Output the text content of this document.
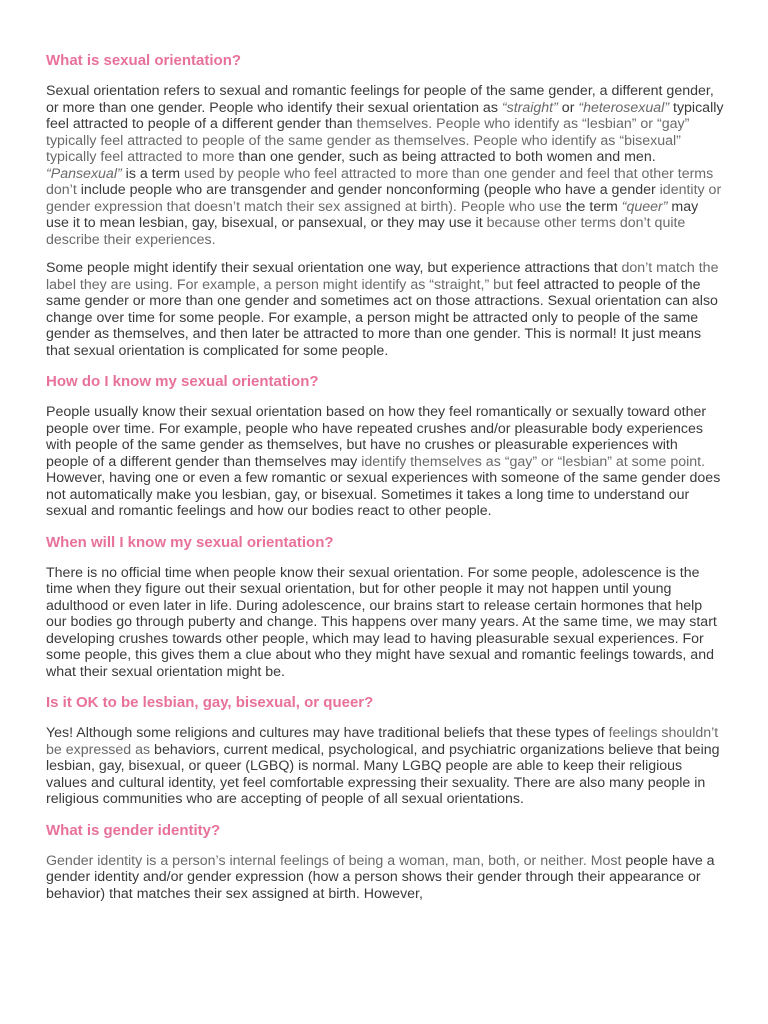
What is sexual orientation?

Sexual orientation refers to sexual and romantic feelings for people of the same gender, a different gender, or more than one gender. People who identify their sexual orientation as “straight” or “heterosexual” typically feel attracted to people of a different gender than themselves. People who identify as “lesbian” or “gay” typically feel attracted to people of the same gender as themselves. People who identify as “bisexual” typically feel attracted to more than one gender, such as being attracted to both women and men. “Pansexual” is a term used by people who feel attracted to more than one gender and feel that other terms don’t include people who are transgender and gender nonconforming (people who have a gender identity or gender expression that doesn’t match their sex assigned at birth). People who use the term “queer” may use it to mean lesbian, gay, bisexual, or pansexual, or they may use it because other terms don’t quite describe their experiences.

Some people might identify their sexual orientation one way, but experience attractions that don’t match the label they are using. For example, a person might identify as “straight,” but feel attracted to people of the same gender or more than one gender and sometimes act on those attractions. Sexual orientation can also change over time for some people. For example, a person might be attracted only to people of the same gender as themselves, and then later be attracted to more than one gender. This is normal! It just means that sexual orientation is complicated for some people.

How do I know my sexual orientation?

People usually know their sexual orientation based on how they feel romantically or sexually toward other people over time. For example, people who have repeated crushes and/or pleasurable body experiences with people of the same gender as themselves, but have no crushes or pleasurable experiences with people of a different gender than themselves may identify themselves as “gay” or “lesbian” at some point. However, having one or even a few romantic or sexual experiences with someone of the same gender does not automatically make you lesbian, gay, or bisexual. Sometimes it takes a long time to understand our sexual and romantic feelings and how our bodies react to other people.

When will I know my sexual orientation?

There is no official time when people know their sexual orientation. For some people, adolescence is the time when they figure out their sexual orientation, but for other people it may not happen until young adulthood or even later in life. During adolescence, our brains start to release certain hormones that help our bodies go through puberty and change. This happens over many years. At the same time, we may start developing crushes towards other people, which may lead to having pleasurable sexual experiences. For some people, this gives them a clue about who they might have sexual and romantic feelings towards, and what their sexual orientation might be.

Is it OK to be lesbian, gay, bisexual, or queer?

Yes! Although some religions and cultures may have traditional beliefs that these types of feelings shouldn’t be expressed as behaviors, current medical, psychological, and psychiatric organizations believe that being lesbian, gay, bisexual, or queer (LGBQ) is normal. Many LGBQ people are able to keep their religious values and cultural identity, yet feel comfortable expressing their sexuality. There are also many people in religious communities who are accepting of people of all sexual orientations.

What is gender identity?

Gender identity is a person’s internal feelings of being a woman, man, both, or neither. Most people have a gender identity and/or gender expression (how a person shows their gender through their appearance or behavior) that matches their sex assigned at birth. However,
